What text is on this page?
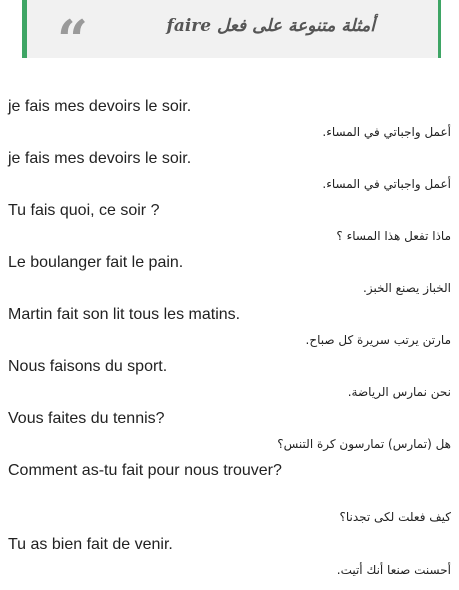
“	أمثلة متنوعة على فعل faire
je fais mes devoirs le soir.
أعمل واجباتي في المساء.
je fais mes devoirs le soir.
أعمل واجباتي في المساء.
Tu fais quoi, ce soir ?
ماذا تفعل هذا المساء ؟
Le boulanger fait le pain.
الخباز يصنع الخبز.
Martin fait son lit tous les matins.
مارتن يرتب سريرة كل صباح.
Nous faisons du sport.
نحن نمارس الرياضة.
Vous faites du tennis?
هل (تمارس) تمارسون كرة التنس؟
Comment as-tu fait pour nous trouver?
كيف فعلت لكى تجدنا؟
Tu as bien fait de venir.
أحسنت صنعا أنك أتيت.
